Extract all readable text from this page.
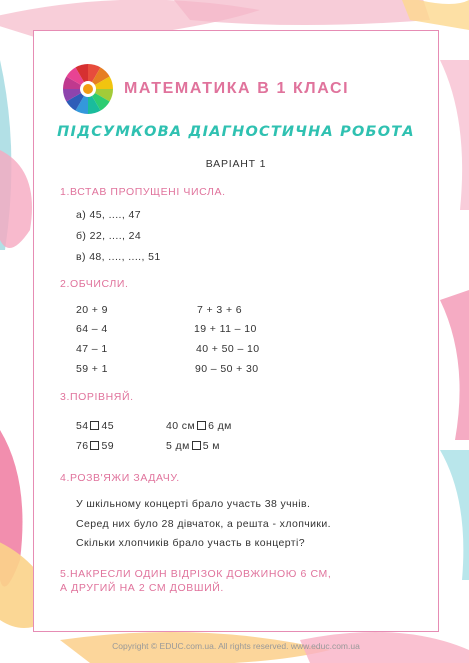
МАТЕМАТИКА В 1 КЛАСІ
ПІДСУМКОВА ДІАГНОСТИЧНА РОБОТА
ВАРІАНТ 1
1.ВСТАВ ПРОПУЩЕНІ ЧИСЛА.
а) 45, ...., 47
б) 22, ...., 24
в) 48, ...., ...., 51
2.ОБЧИСЛИ.
20 + 9
64 – 4
47 – 1
59 + 1
7 + 3 + 6
19 + 11 – 10
40 + 50 – 10
90 – 50 + 30
3.ПОРІВНЯЙ.
54 45	40 см 6 дм
76 59	5 дм 5 м
4.РОЗВ'ЯЖИ ЗАДАЧУ.
У шкільному концерті брало участь 38 учнів.
Серед них було 28 дівчаток, а решта - хлопчики.
Скільки хлопчиків брало участь в концерті?
5.НАКРЕСЛИ ОДИН ВІДРІЗОК ДОВЖИНОЮ 6 СМ,
А ДРУГИЙ НА 2 СМ ДОВШИЙ.
Copyright © EDUC.com.ua. All rights reserved. www.educ.com.ua
